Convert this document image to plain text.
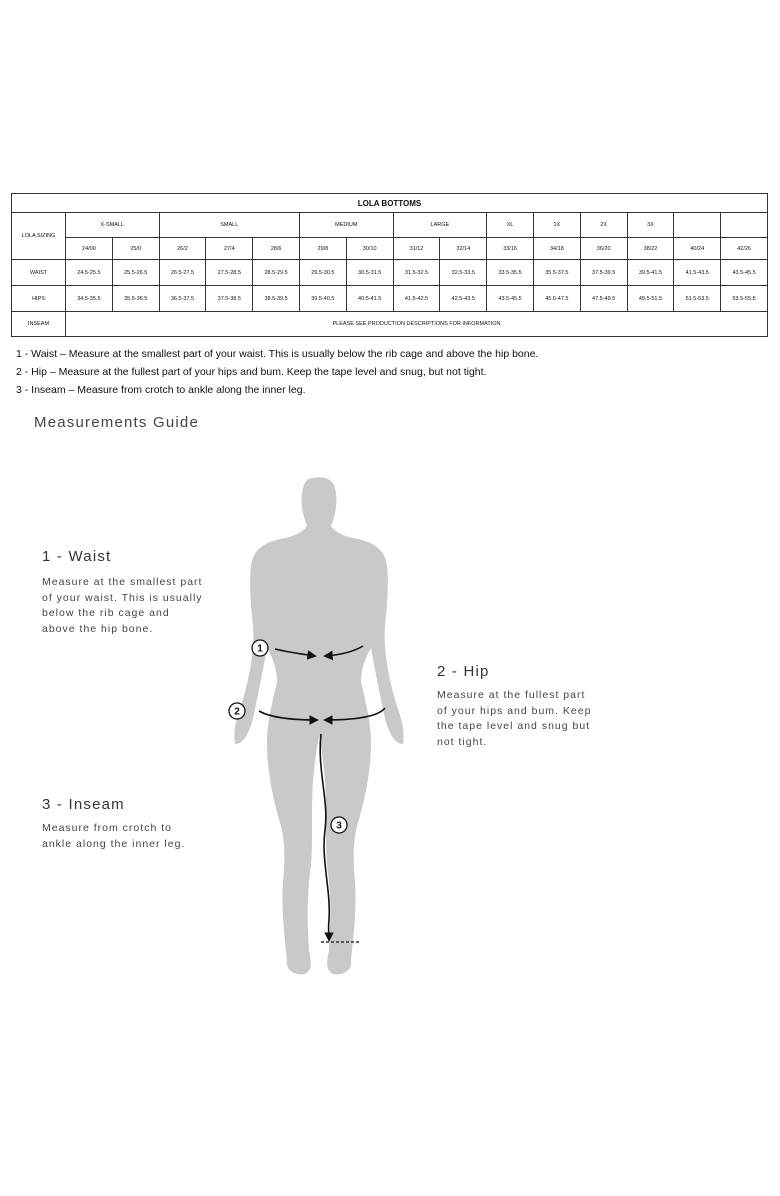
LOLA BOTTOMS															
LOLA SIZING	X-SMALL		SMALL			MEDIUM		LARGE		XL	1X	2X	3X		
	24/00	25/0	26/2	27/4	28/6	29/8	30/10	31/12	32/14	33/16	34/18	36/20	38/22	40/24	42/26
WAIST	24.5-25.5	25.5-26.5	26.5-27.5	27.5-28.5	28.5-29.5	29.5-30.5	30.5-31.5	31.5-32.5	32.5-33.5	33.5-35.5	35.5-37.5	37.5-39.5	39.5-41.5	41.5-43.5	43.5-45.5
HIPS	34.5-35.5	35.5-36.5	36.5-37.5	37.5-38.5	38.5-39.5	39.5-40.5	40.5-41.5	41.5-42.5	42.5-43.5	43.5-45.5	45.5-47.5	47.5-49.5	49.5-51.5	51.5-53.5	53.5-55.5
INSEAM	PLEASE SEE PRODUCTION DESCRIPTIONS FOR INFORMATION														
1 - Waist – Measure at the smallest part of your waist. This is usually below the rib cage and above the hip bone.
2 - Hip – Measure at the fullest part of your hips and bum. Keep the tape level and snug, but not tight.
3 - Inseam – Measure from crotch to ankle along the inner leg.
Measurements Guide
1
2
3
1 - Waist

Measure at the smallest part
of your waist. This is usually
below the rib cage and
above the hip bone.

2 - Hip

Measure at the fullest part
of your hips and bum. Keep
the tape level and snug but
not tight.

3 - Inseam

Measure from crotch to
ankle along the inner leg.
